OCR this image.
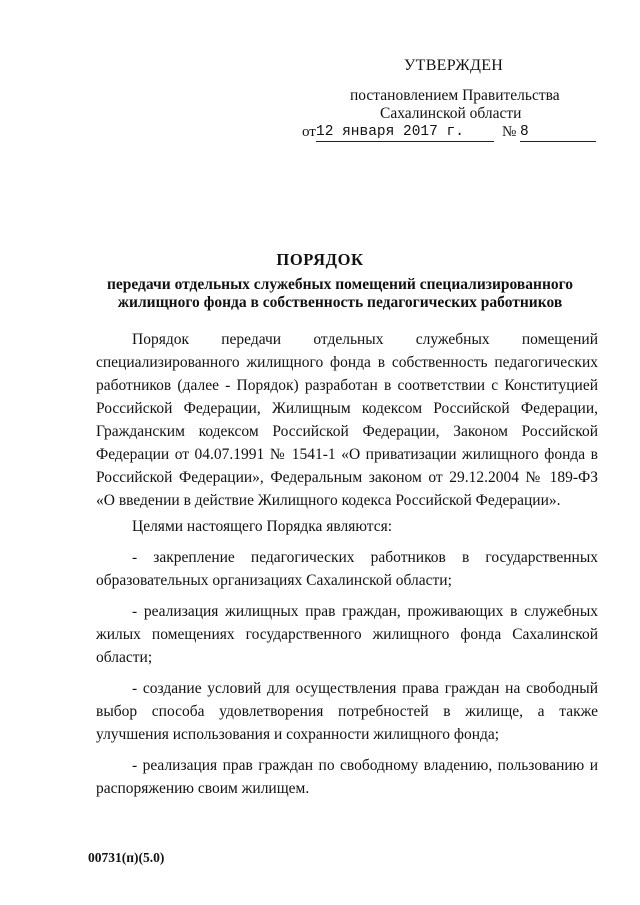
УТВЕРЖДЕН
постановлением Правительства
Сахалинской области
от 12 января 2017 г.	№ 8
ПОРЯДОК
передачи отдельных служебных помещений специализированного жилищного фонда в собственность педагогических работников

Порядок передачи отдельных служебных помещений специализированного жилищного фонда в собственность педагогических работников (далее - Порядок) разработан в соответствии с Конституцией Российской Федерации, Жилищным кодексом Российской Федерации, Гражданским кодексом Российской Федерации, Законом Российской Федерации от 04.07.1991 № 1541-1 «О приватизации жилищного фонда в Российской Федерации», Федеральным законом от 29.12.2004 № 189-ФЗ «О введении в действие Жилищного кодекса Российской Федерации».

Целями настоящего Порядка являются:

- закрепление педагогических работников в государственных образовательных организациях Сахалинской области;

- реализация жилищных прав граждан, проживающих в служебных жилых помещениях государственного жилищного фонда Сахалинской области;

- создание условий для осуществления права граждан на свободный выбор способа удовлетворения потребностей в жилище, а также улучшения использования и сохранности жилищного фонда;

- реализация прав граждан по свободному владению, пользованию и распоряжению своим жилищем.

00731(п)(5.0)
